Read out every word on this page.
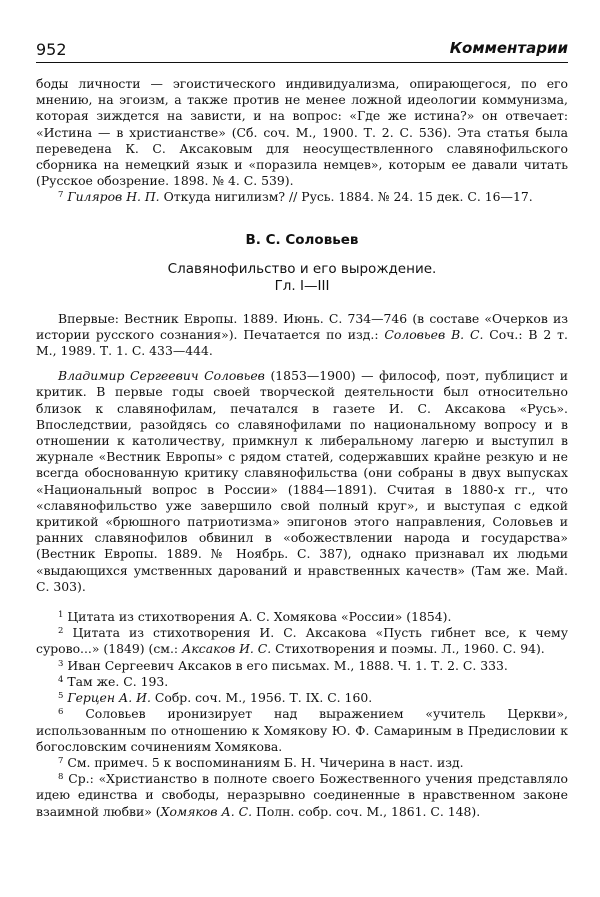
952	Комментарии

боды личности — эгоистического индивидуализма, опирающегося, по его мнению, на эгоизм, а также против не менее ложной идеологии коммунизма, которая зиждется на зависти, и на вопрос: «Где же истина?» он отвечает: «Истина — в христианстве» (Сб. соч. М., 1900. Т. 2. С. 536). Эта статья была переведена К. С. Аксаковым для неосуществленного славянофильского сборника на немецкий язык и «поразила немцев», которым ее давали читать (Русское обозрение. 1898. № 4. С. 539).

$^7$ Гиляров Н. П. Откуда нигилизм? // Русь. 1884. № 24. 15 дек. С. 16—17.

В. С. Соловьев
Славянофильство и его вырождение.
Гл. I—III

Впервые: Вестник Европы. 1889. Июнь. С. 734—746 (в составе «Очерков из истории русского сознания»). Печатается по изд.: Соловьев В. С. Соч.: В 2 т. М., 1989. Т. 1. С. 433—444.

Владимир Сергеевич Соловьев (1853—1900) — философ, поэт, публицист и критик. В первые годы своей творческой деятельности был относительно близок к славянофилам, печатался в газете И. С. Аксакова «Русь». Впоследствии, разойдясь со славянофилами по национальному вопросу и в отношении к католичеству, примкнул к либеральному лагерю и выступил в журнале «Вестник Европы» с рядом статей, содержавших крайне резкую и не всегда обоснованную критику славянофильства (они собраны в двух выпусках «Национальный вопрос в России» (1884—1891). Считая в 1880-х гг., что «славянофильство уже завершило свой полный круг», и выступая с едкой критикой «брюшного патриотизма» эпигонов этого направления, Соловьев и ранних славянофилов обвинил в «обожествлении народа и государства» (Вестник Европы. 1889. № Ноябрь. С. 387), однако признавал их людьми «выдающихся умственных дарований и нравственных качеств» (Там же. Май. С. 303).

$^1$ Цитата из стихотворения А. С. Хомякова «России» (1854).

$^2$ Цитата из стихотворения И. С. Аксакова «Пусть гибнет все, к чему сурово...» (1849) (см.: Аксаков И. С. Стихотворения и поэмы. Л., 1960. С. 94).

$^3$ Иван Сергеевич Аксаков в его письмах. М., 1888. Ч. 1. Т. 2. С. 333.

$^4$ Там же. С. 193.

$^5$ Герцен А. И. Собр. соч. М., 1956. Т. IX. С. 160.

$^6$ Соловьев иронизирует над выражением «учитель Церкви», использованным по отношению к Хомякову Ю. Ф. Самариным в Предисловии к богословским сочинениям Хомякова.

$^7$ См. примеч. 5 к воспоминаниям Б. Н. Чичерина в наст. изд.

$^8$ Ср.: «Христианство в полноте своего Божественного учения представляло идею единства и свободы, неразрывно соединенные в нравственном законе взаимной любви» (Хомяков А. С. Полн. собр. соч. М., 1861. С. 148).
